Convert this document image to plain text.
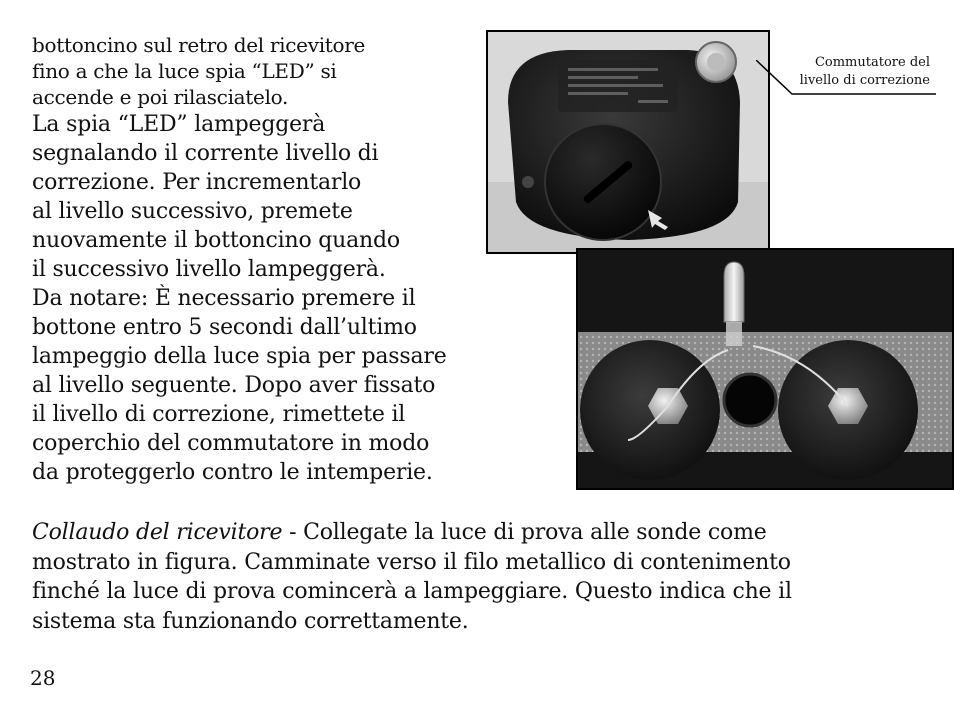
bottoncino sul retro del ricevitore
fino a che la luce spia “LED” si
accende e poi rilasciatelo.
La spia “LED” lampeggerà
segnalando il corrente livello di
correzione. Per incrementarlo
al livello successivo, premete
nuovamente il bottoncino quando
il successivo livello lampeggerà.
Da notare: È necessario premere il
bottone entro 5 secondi dall’ultimo
lampeggio della luce spia per passare
al livello seguente. Dopo aver fissato
il livello di correzione, rimettete il
coperchio del commutatore in modo
da proteggerlo contro le intemperie.
Commutatore del
livello di correzione
Collaudo del ricevitore - Collegate la luce di prova alle sonde come
mostrato in figura. Camminate verso il filo metallico di contenimento
finché la luce di prova comincerà a lampeggiare. Questo indica che il
sistema sta funzionando correttamente.
28
